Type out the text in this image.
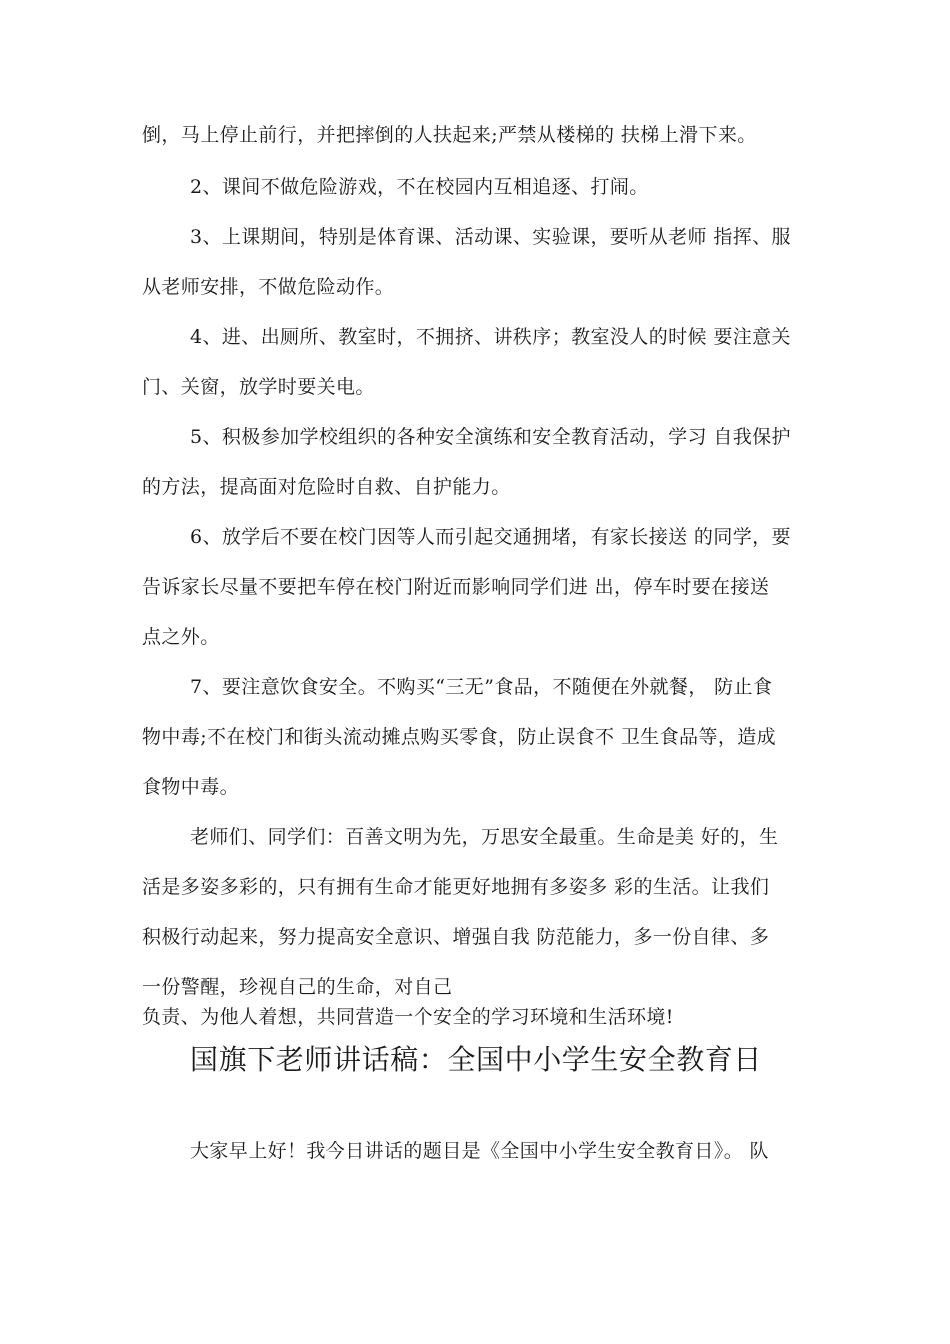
倒，马上停止前行，并把摔倒的人扶起来;严禁从楼梯的 扶梯上滑下来。
2、课间不做危险游戏，不在校园内互相追逐、打闹。
3、上课期间，特别是体育课、活动课、实验课，要听从老师 指挥、服
从老师安排，不做危险动作。
4、进、出厕所、教室时，不拥挤、讲秩序；教室没人的时候 要注意关
门、关窗，放学时要关电。
5、积极参加学校组织的各种安全演练和安全教育活动，学习 自我保护
的方法，提高面对危险时自救、自护能力。
6、放学后不要在校门因等人而引起交通拥堵，有家长接送 的同学，要
告诉家长尽量不要把车停在校门附近而影响同学们进 出，停车时要在接送
点之外。
7、要注意饮食安全。不购买“三无”食品，不随便在外就餐， 防止食
物中毒;不在校门和街头流动摊点购买零食，防止误食不 卫生食品等，造成
食物中毒。
老师们、同学们：百善文明为先，万思安全最重。生命是美 好的，生
活是多姿多彩的，只有拥有生命才能更好地拥有多姿多 彩的生活。让我们
积极行动起来，努力提高安全意识、增强自我 防范能力，多一份自律、多
一份警醒，珍视自己的生命，对自己
负责、为他人着想，共同营造一个安全的学习环境和生活环境!
国旗下老师讲话稿：全国中小学生安全教育日
大家早上好！我今日讲话的题目是《全国中小学生安全教育日》。 队
